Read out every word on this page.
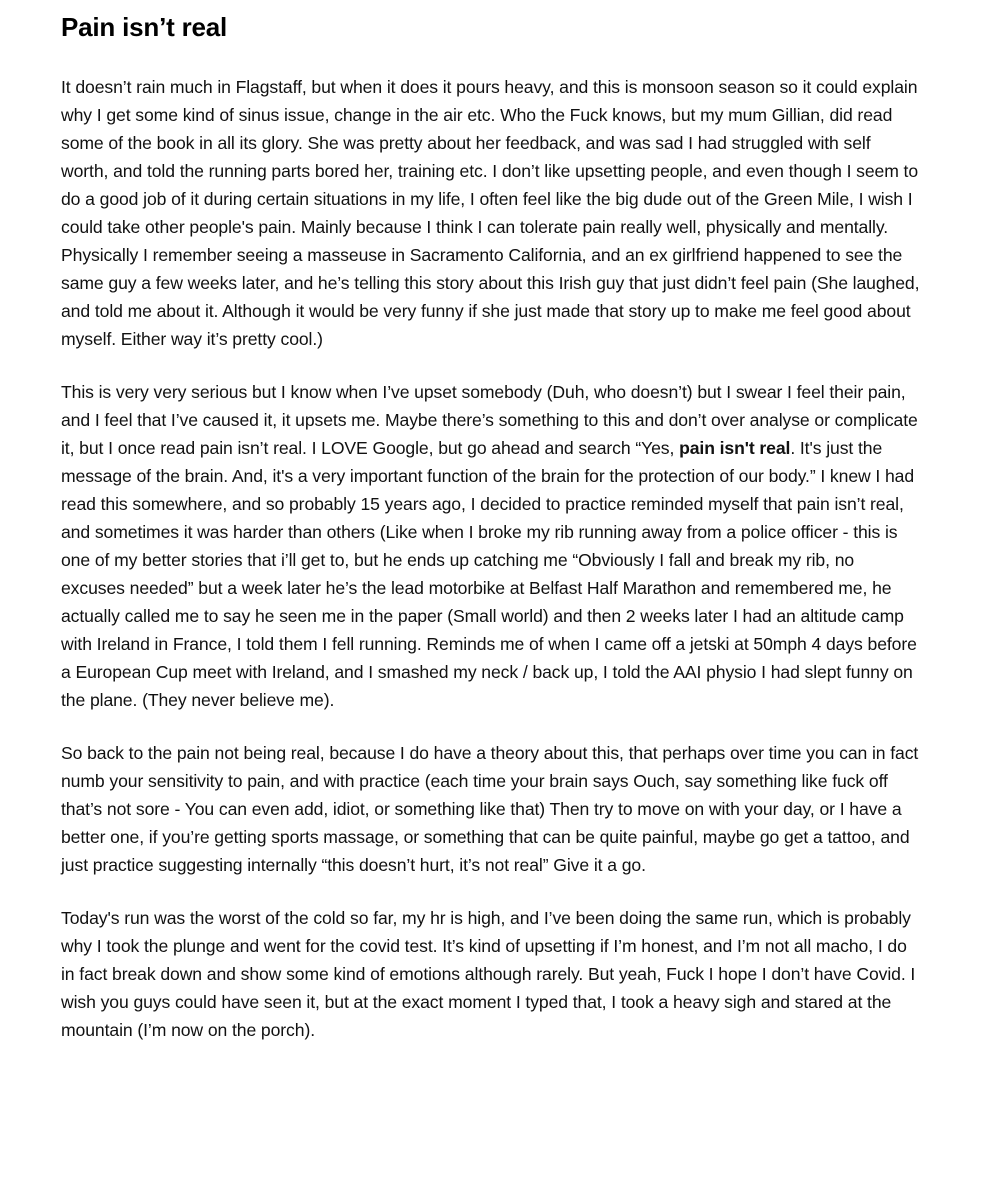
Pain isn’t real

It doesn’t rain much in Flagstaff, but when it does it pours heavy, and this is monsoon season so it could explain why I get some kind of sinus issue, change in the air etc. Who the Fuck knows, but my mum Gillian, did read some of the book in all its glory. She was pretty about her feedback, and was sad I had struggled with self worth, and told the running parts bored her, training etc. I don’t like upsetting people, and even though I seem to do a good job of it during certain situations in my life, I often feel like the big dude out of the Green Mile, I wish I could take other people's pain. Mainly because I think I can tolerate pain really well, physically and mentally. Physically I remember seeing a masseuse in Sacramento California, and an ex girlfriend happened to see the same guy a few weeks later, and he’s telling this story about this Irish guy that just didn’t feel pain (She laughed, and told me about it. Although it would be very funny if she just made that story up to make me feel good about myself. Either way it’s pretty cool.)

This is very very serious but I know when I’ve upset somebody (Duh, who doesn’t) but I swear I feel their pain, and I feel that I’ve caused it, it upsets me. Maybe there’s something to this and don’t over analyse or complicate it, but I once read pain isn’t real. I LOVE Google, but go ahead and search “Yes, pain isn't real. It's just the message of the brain. And, it's a very important function of the brain for the protection of our body.” I knew I had read this somewhere, and so probably 15 years ago, I decided to practice reminded myself that pain isn’t real, and sometimes it was harder than others (Like when I broke my rib running away from a police officer - this is one of my better stories that i’ll get to, but he ends up catching me “Obviously I fall and break my rib, no excuses needed” but a week later he’s the lead motorbike at Belfast Half Marathon and remembered me, he actually called me to say he seen me in the paper (Small world) and then 2 weeks later I had an altitude camp with Ireland in France, I told them I fell running. Reminds me of when I came off a jetski at 50mph 4 days before a European Cup meet with Ireland, and I smashed my neck / back up, I told the AAI physio I had slept funny on the plane. (They never believe me).

So back to the pain not being real, because I do have a theory about this, that perhaps over time you can in fact numb your sensitivity to pain, and with practice (each time your brain says Ouch, say something like fuck off that’s not sore - You can even add, idiot, or something like that) Then try to move on with your day, or I have a better one, if you’re getting sports massage, or something that can be quite painful, maybe go get a tattoo, and just practice suggesting internally “this doesn’t hurt, it’s not real” Give it a go.

Today's run was the worst of the cold so far, my hr is high, and I’ve been doing the same run, which is probably why I took the plunge and went for the covid test. It’s kind of upsetting if I’m honest, and I’m not all macho, I do in fact break down and show some kind of emotions although rarely. But yeah, Fuck I hope I don’t have Covid. I wish you guys could have seen it, but at the exact moment I typed that, I took a heavy sigh and stared at the mountain (I’m now on the porch).
